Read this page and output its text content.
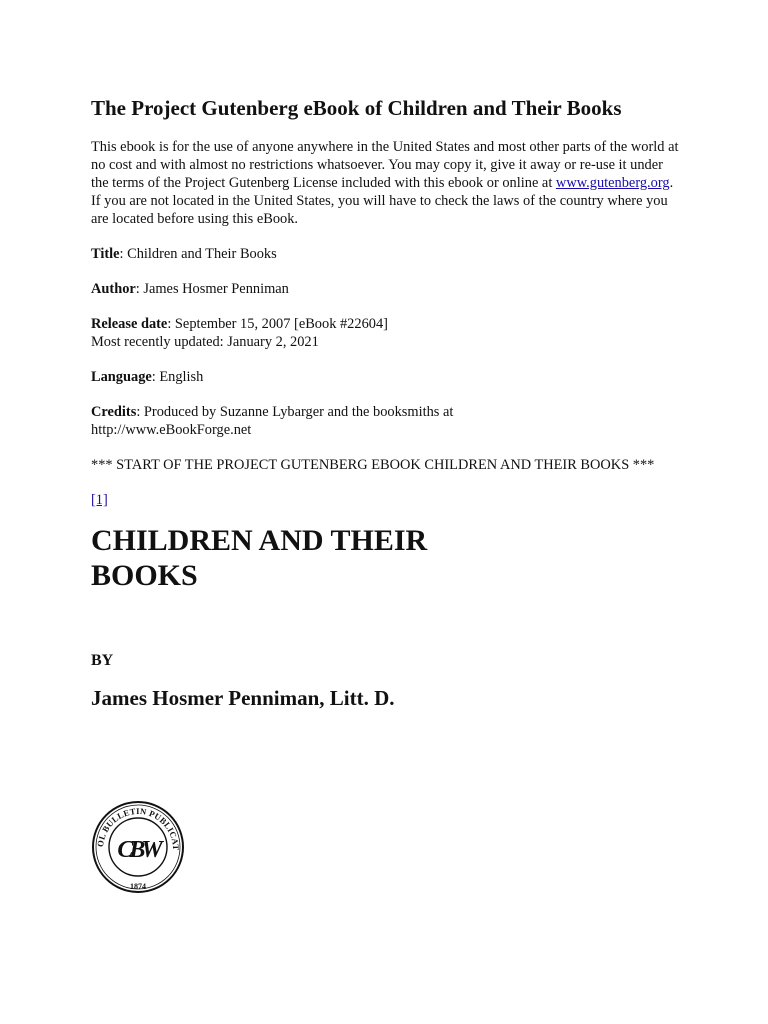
The Project Gutenberg eBook of Children and Their Books

This ebook is for the use of anyone anywhere in the United States and most other parts of the world at no cost and with almost no restrictions whatsoever. You may copy it, give it away or re-use it under the terms of the Project Gutenberg License included with this ebook or online at www.gutenberg.org. If you are not located in the United States, you will have to check the laws of the country where you are located before using this eBook.

Title: Children and Their Books

Author: James Hosmer Penniman

Release date: September 15, 2007 [eBook #22604]
Most recently updated: January 2, 2021

Language: English

Credits: Produced by Suzanne Lybarger and the booksmiths at
http://www.eBookForge.net

*** START OF THE PROJECT GUTENBERG EBOOK CHILDREN AND THEIR BOOKS ***

[1]

CHILDREN AND THEIR BOOKS

BY

James Hosmer Penniman, Litt. D.
OL BULLETIN PUBLICAT
1874
CBW
